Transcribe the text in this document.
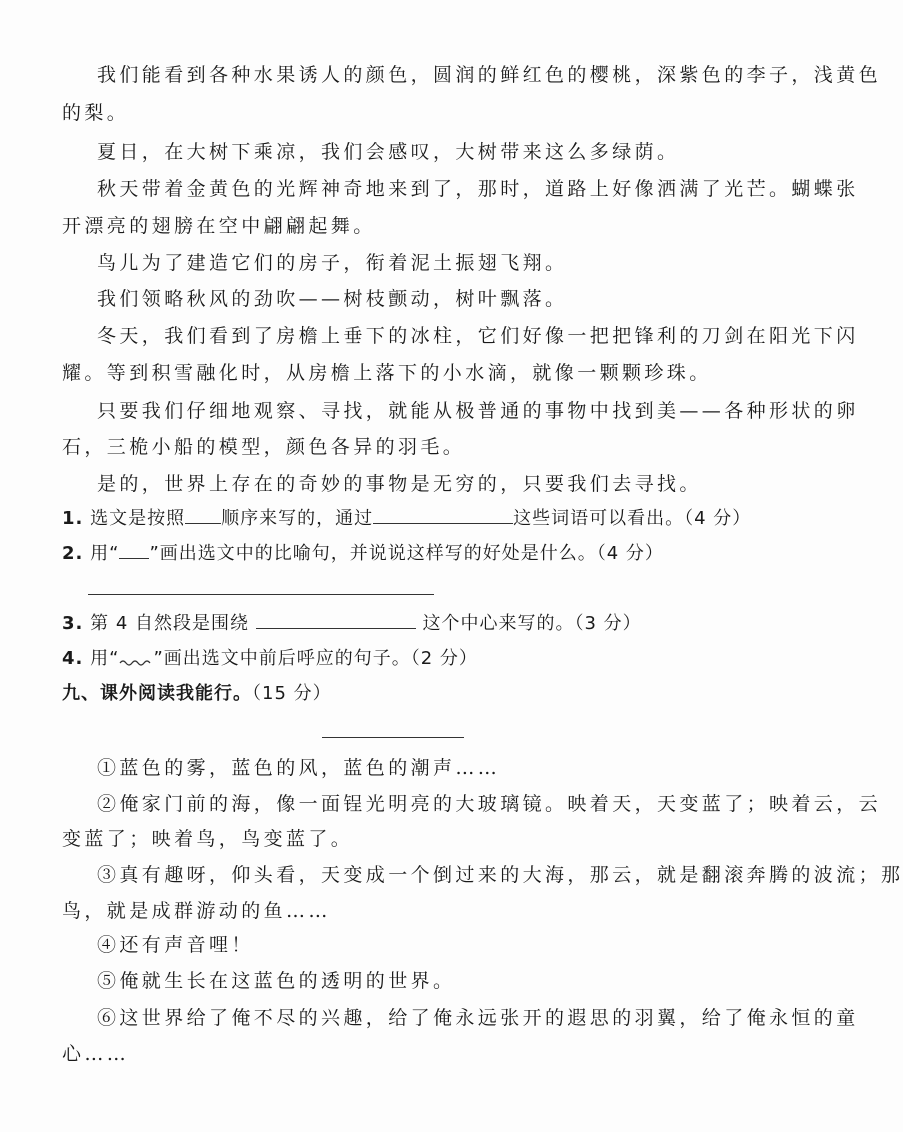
我们能看到各种水果诱人的颜色，圆润的鲜红色的樱桃，深紫色的李子，浅黄色
的梨。
夏日，在大树下乘凉，我们会感叹，大树带来这么多绿荫。
秋天带着金黄色的光辉神奇地来到了，那时，道路上好像洒满了光芒。蝴蝶张
开漂亮的翅膀在空中翩翩起舞。
鸟儿为了建造它们的房子，衔着泥土振翅飞翔。
我们领略秋风的劲吹——树枝颤动，树叶飘落。
冬天，我们看到了房檐上垂下的冰柱，它们好像一把把锋利的刀剑在阳光下闪
耀。等到积雪融化时，从房檐上落下的小水滴，就像一颗颗珍珠。
只要我们仔细地观察、寻找，就能从极普通的事物中找到美——各种形状的卵
石，三桅小船的模型，颜色各异的羽毛。
是的，世界上存在的奇妙的事物是无穷的，只要我们去寻找。
1. 选文是按照 顺序来写的，通过	这些词语可以看出。（4 分）
2. 用“ ”画出选文中的比喻句，并说说这样写的好处是什么。（4 分）
3. 第 4 自然段是围绕	这个中心来写的。（3 分）
4. 用“ ”画出选文中前后呼应的句子。（2 分）
九、课外阅读我能行。（15 分）
①蓝色的雾，蓝色的风，蓝色的潮声……
②俺家门前的海，像一面锃光明亮的大玻璃镜。映着天，天变蓝了；映着云，云
变蓝了；映着鸟，鸟变蓝了。
③真有趣呀，仰头看，天变成一个倒过来的大海，那云，就是翻滚奔腾的波流；那
鸟，就是成群游动的鱼……
④还有声音哩！
⑤俺就生长在这蓝色的透明的世界。
⑥这世界给了俺不尽的兴趣，给了俺永远张开的遐思的羽翼，给了俺永恒的童
心……
